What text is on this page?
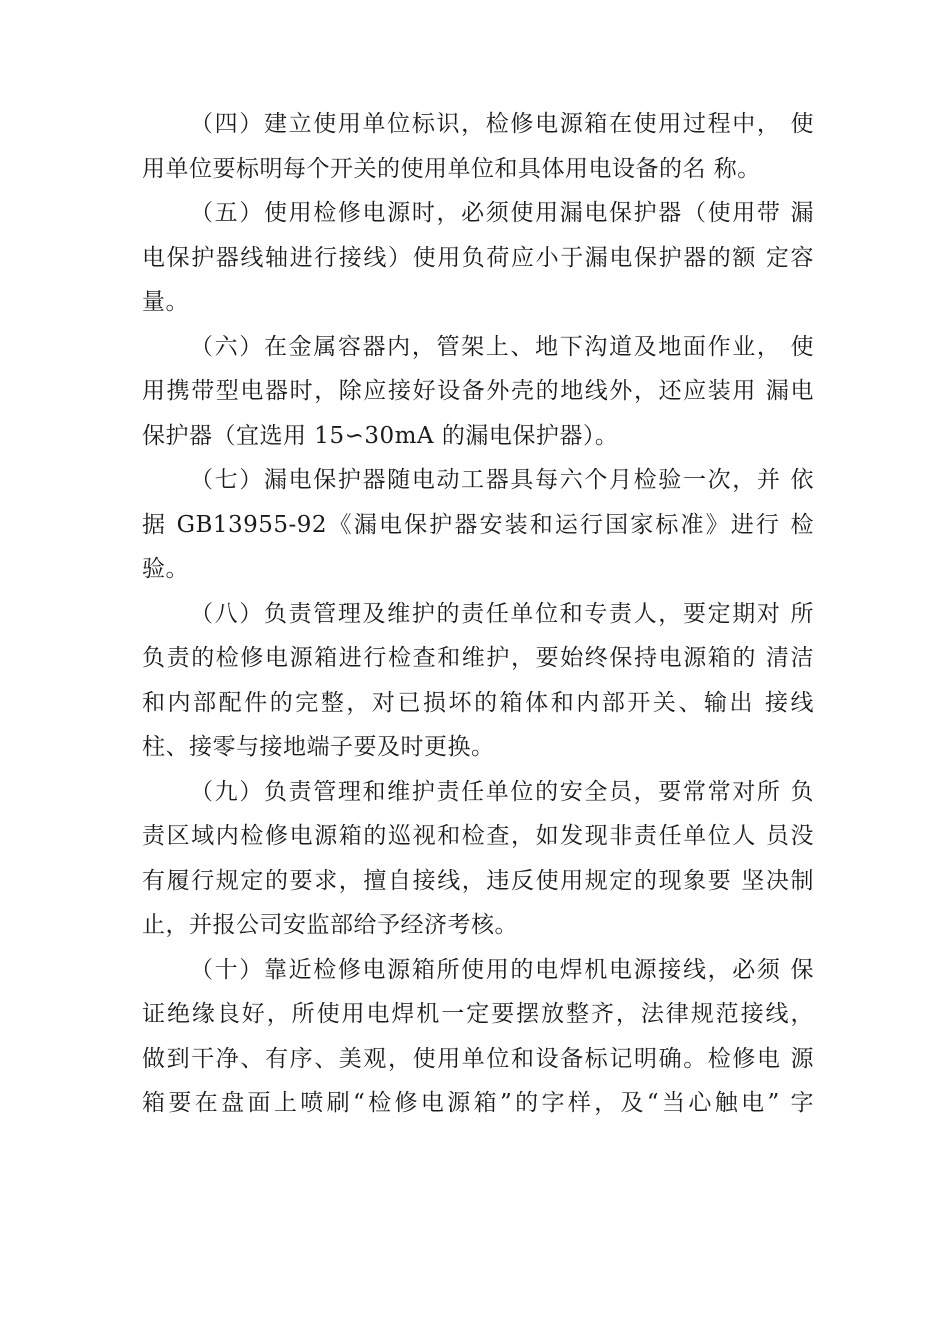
（四）建立使用单位标识，检修电源箱在使用过程中， 使
用单位要标明每个开关的使用单位和具体用电设备的名 称。
（五）使用检修电源时，必须使用漏电保护器（使用带 漏
电保护器线轴进行接线）使用负荷应小于漏电保护器的额 定容
量。
（六）在金属容器内，管架上、地下沟道及地面作业， 使
用携带型电器时，除应接好设备外壳的地线外，还应装用 漏电
保护器（宜选用 15∽30mA 的漏电保护器）。
（七）漏电保护器随电动工器具每六个月检验一次，并 依
据 GB13955-92《漏电保护器安装和运行国家标准》进行 检
验。
（八）负责管理及维护的责任单位和专责人，要定期对 所
负责的检修电源箱进行检查和维护，要始终保持电源箱的 清洁
和内部配件的完整，对已损坏的箱体和内部开关、输出 接线
柱、接零与接地端子要及时更换。
（九）负责管理和维护责任单位的安全员，要常常对所 负
责区域内检修电源箱的巡视和检查，如发现非责任单位人 员没
有履行规定的要求，擅自接线，违反使用规定的现象要 坚决制
止，并报公司安监部给予经济考核。
（十）靠近检修电源箱所使用的电焊机电源接线，必须 保
证绝缘良好，所使用电焊机一定要摆放整齐，法律规范接线，
做到干净、有序、美观，使用单位和设备标记明确。检修电 源
箱要在盘面上喷刷“检修电源箱”的字样，及“当心触电” 字
